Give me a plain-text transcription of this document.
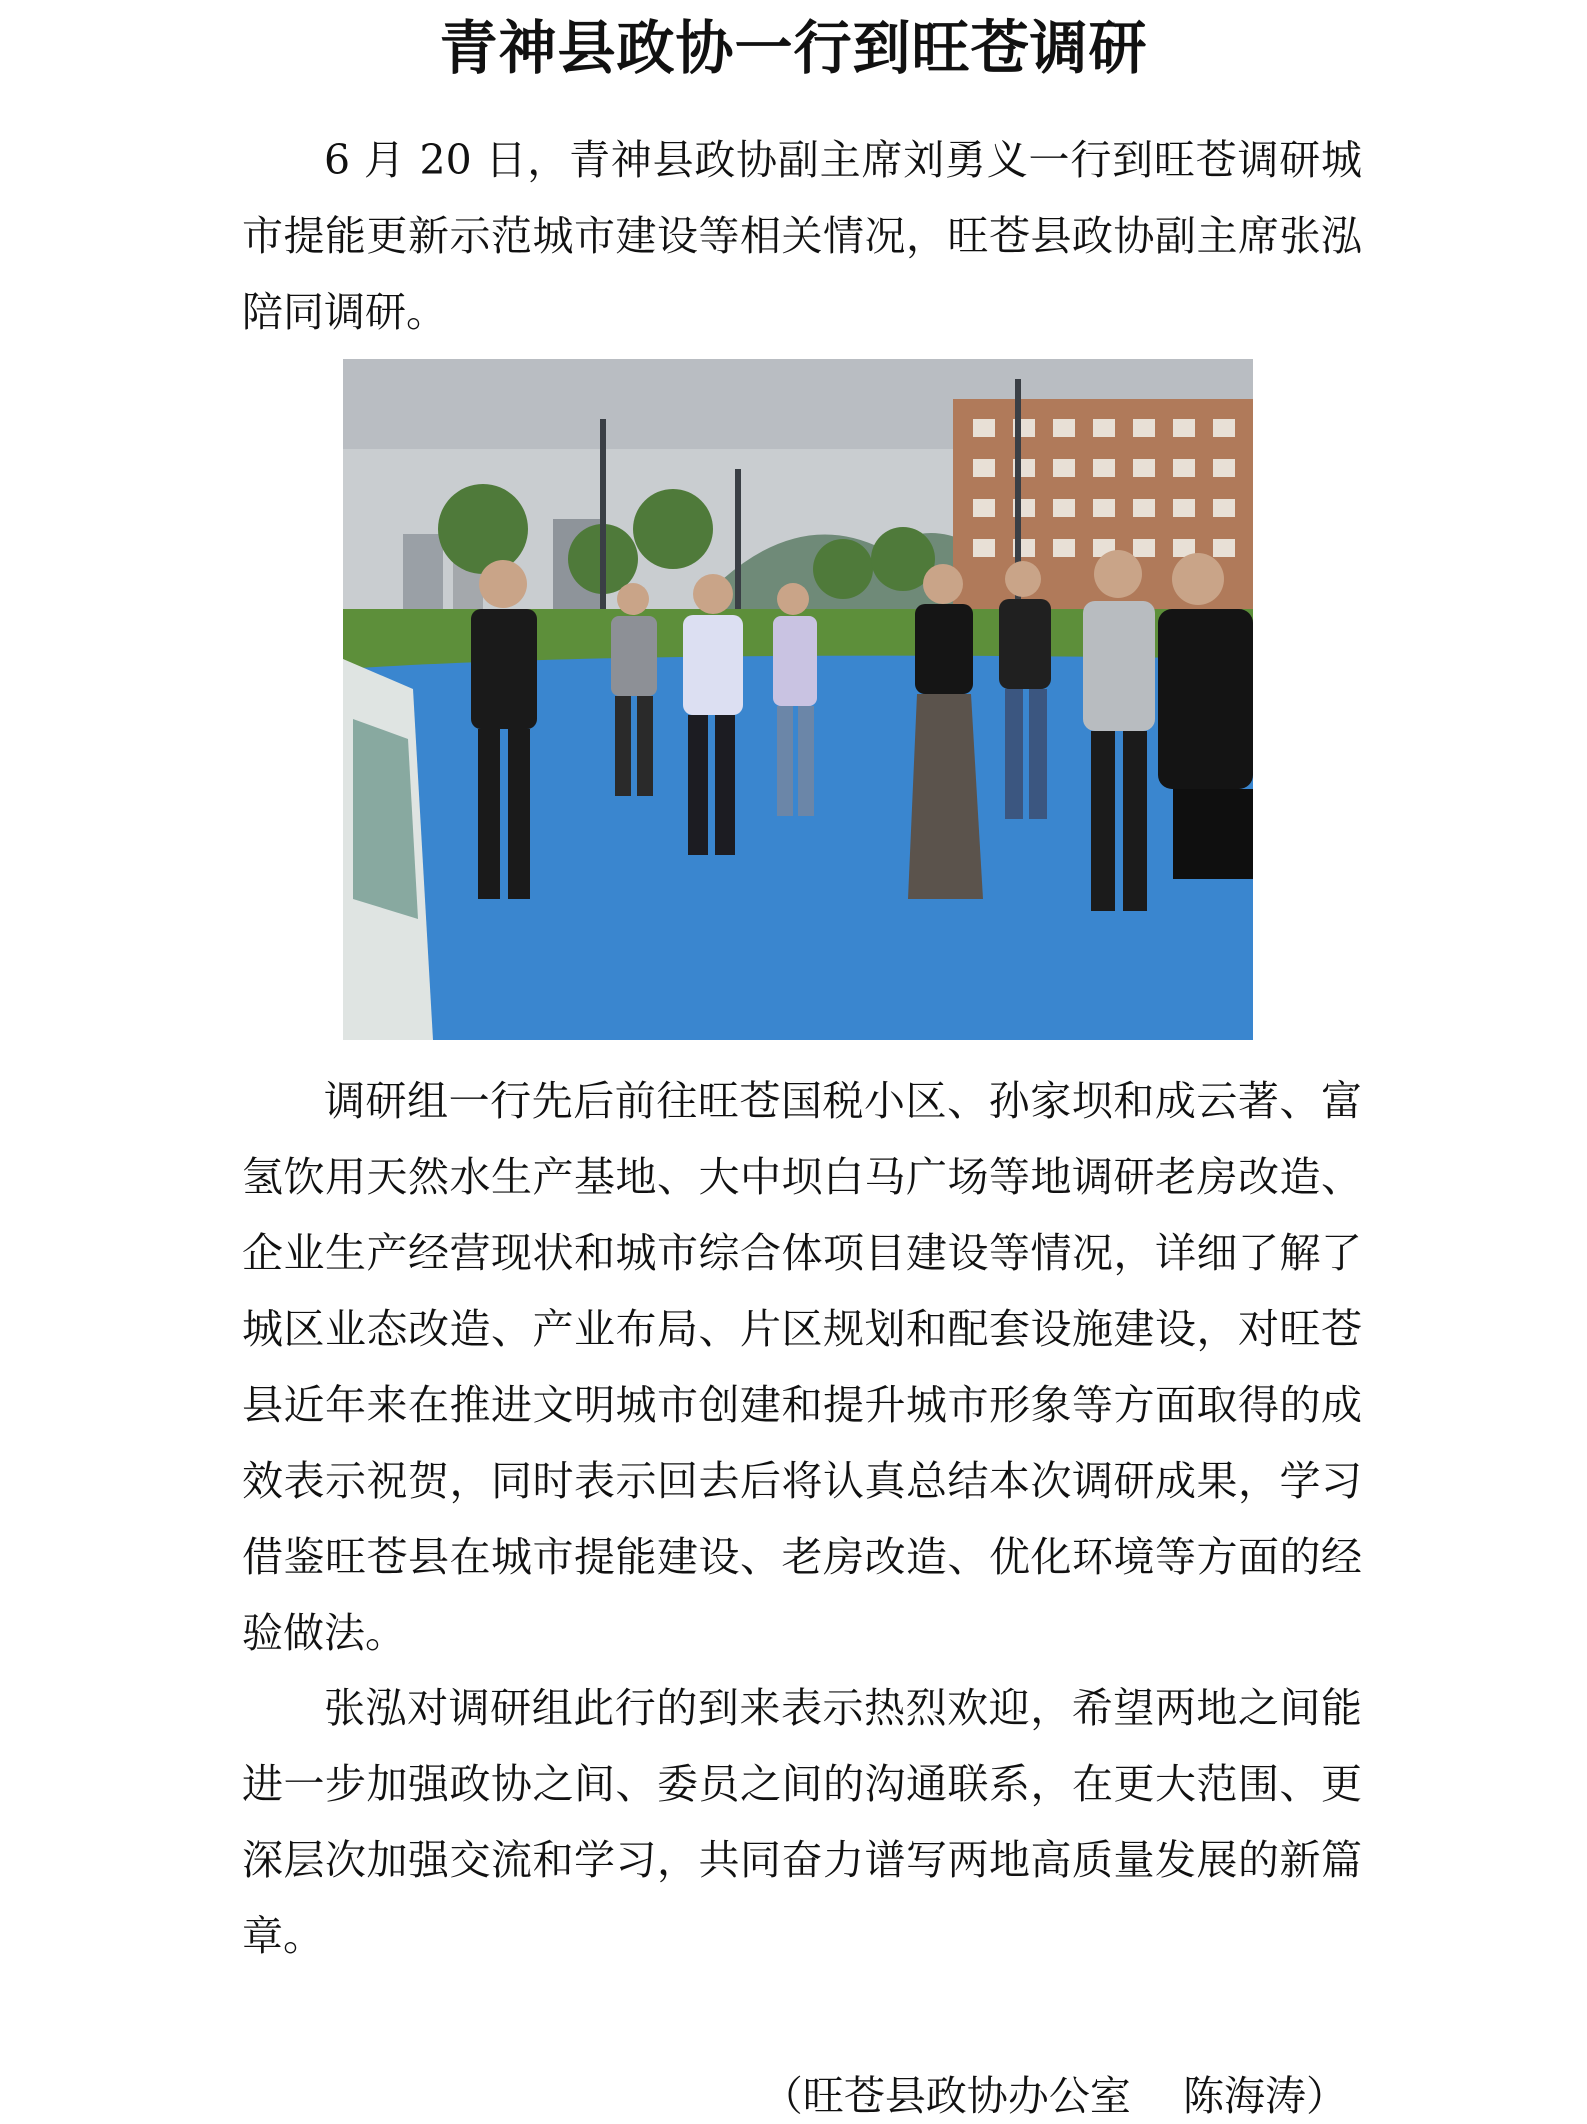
青神县政协一行到旺苍调研

6 月 20 日，青神县政协副主席刘勇义一行到旺苍调研城市提能更新示范城市建设等相关情况，旺苍县政协副主席张泓陪同调研。

调研组一行先后前往旺苍国税小区、孙家坝和成云著、富氢饮用天然水生产基地、大中坝白马广场等地调研老房改造、企业生产经营现状和城市综合体项目建设等情况，详细了解了城区业态改造、产业布局、片区规划和配套设施建设，对旺苍县近年来在推进文明城市创建和提升城市形象等方面取得的成效表示祝贺，同时表示回去后将认真总结本次调研成果，学习借鉴旺苍县在城市提能建设、老房改造、优化环境等方面的经验做法。

张泓对调研组此行的到来表示热烈欢迎，希望两地之间能进一步加强政协之间、委员之间的沟通联系，在更大范围、更深层次加强交流和学习，共同奋力谱写两地高质量发展的新篇章。

（旺苍县政协办公室    陈海涛）
